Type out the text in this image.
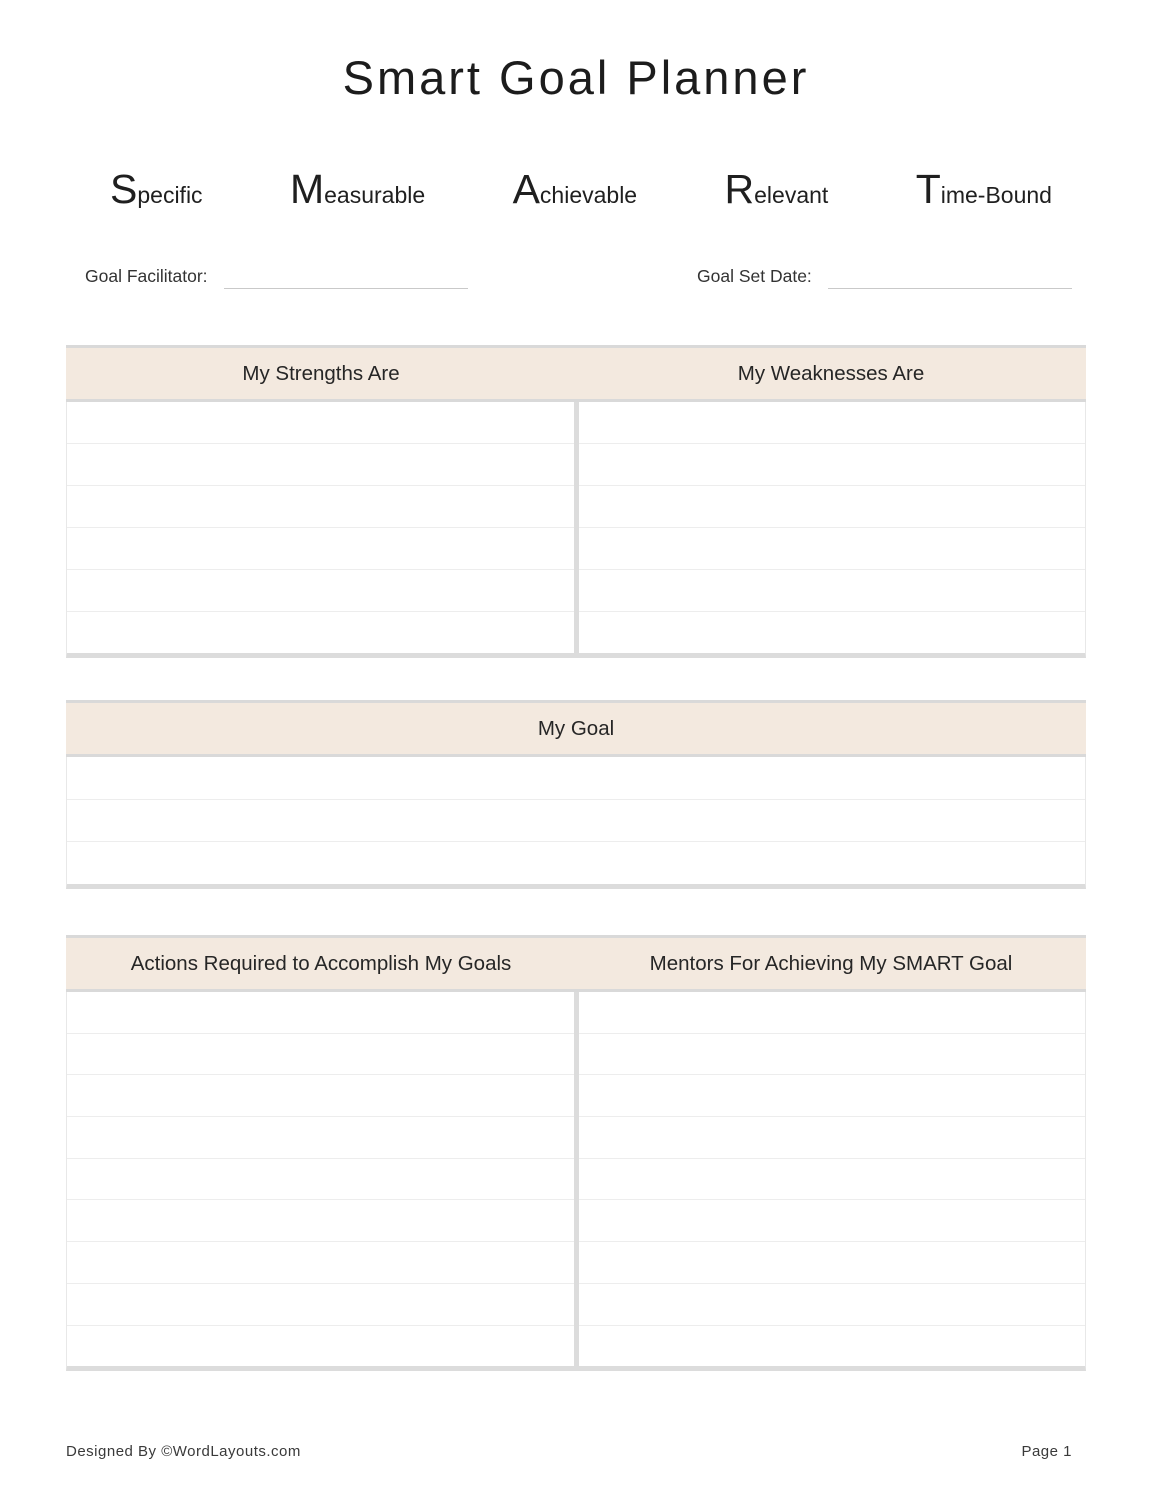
Smart Goal Planner
Specific Measurable Achievable Relevant Time-Bound
Goal Facilitator:	Goal Set Date:
My Strengths Are	My Weaknesses Are
My Goal
Actions Required to Accomplish My Goals	Mentors For Achieving My SMART Goal
Designed By ©WordLayouts.com	Page 1
